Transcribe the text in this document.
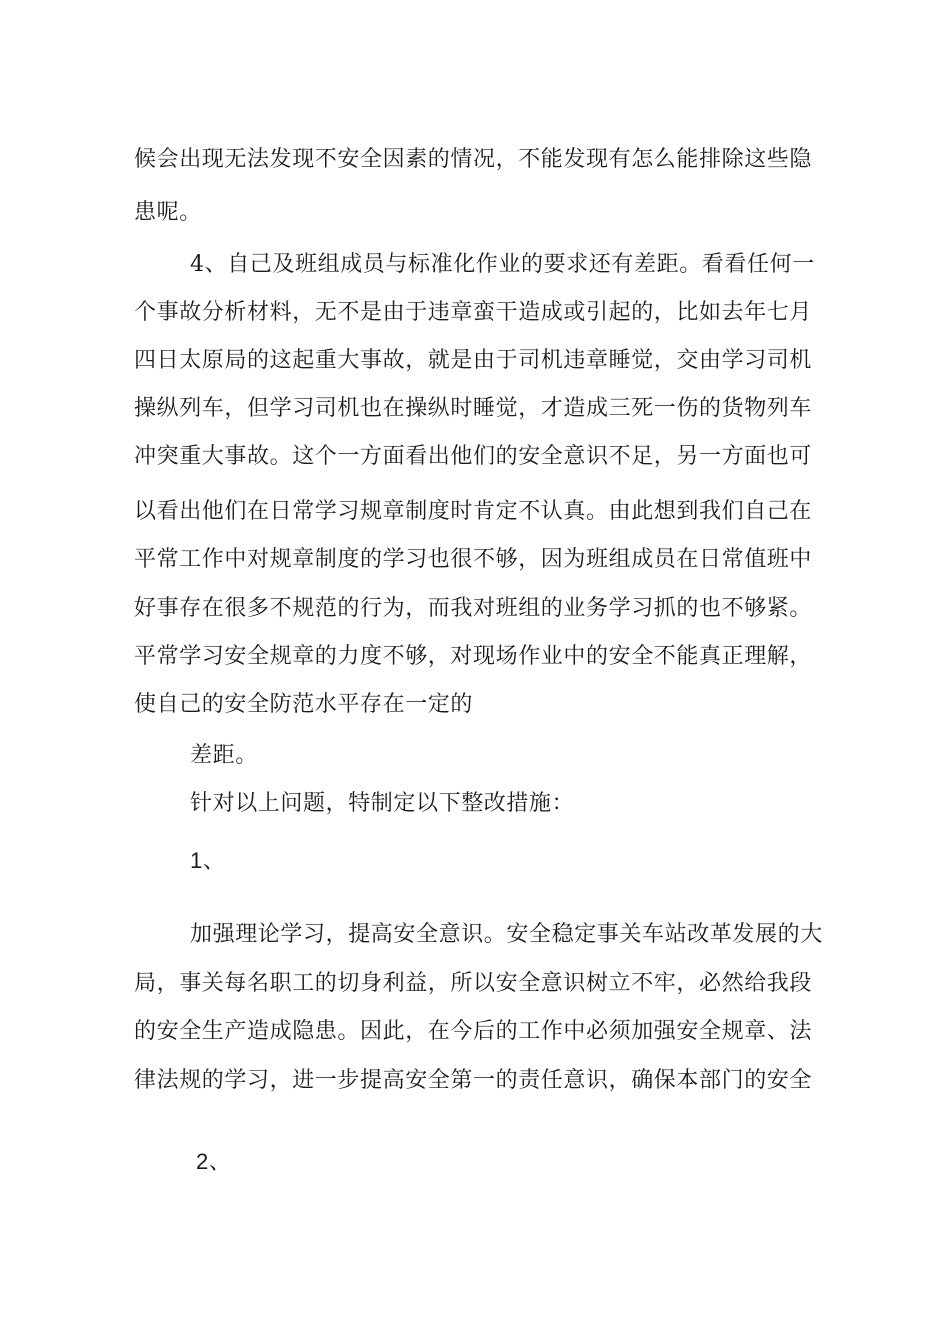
候会出现无法发现不安全因素的情况，不能发现有怎么能排除这些隐
患呢。
4、自己及班组成员与标准化作业的要求还有差距。看看任何一
个事故分析材料，无不是由于违章蛮干造成或引起的，比如去年七月
四日太原局的这起重大事故，就是由于司机违章睡觉，交由学习司机
操纵列车，但学习司机也在操纵时睡觉，才造成三死一伤的货物列车
冲突重大事故。这个一方面看出他们的安全意识不足，另一方面也可
以看出他们在日常学习规章制度时肯定不认真。由此想到我们自己在
平常工作中对规章制度的学习也很不够，因为班组成员在日常值班中
好事存在很多不规范的行为，而我对班组的业务学习抓的也不够紧。
平常学习安全规章的力度不够，对现场作业中的安全不能真正理解，
使自己的安全防范水平存在一定的
差距。
针对以上问题，特制定以下整改措施：
1、
加强理论学习，提高安全意识。安全稳定事关车站改革发展的大
局，事关每名职工的切身利益，所以安全意识树立不牢，必然给我段
的安全生产造成隐患。因此，在今后的工作中必须加强安全规章、法
律法规的学习，进一步提高安全第一的责任意识，确保本部门的安全
2、
